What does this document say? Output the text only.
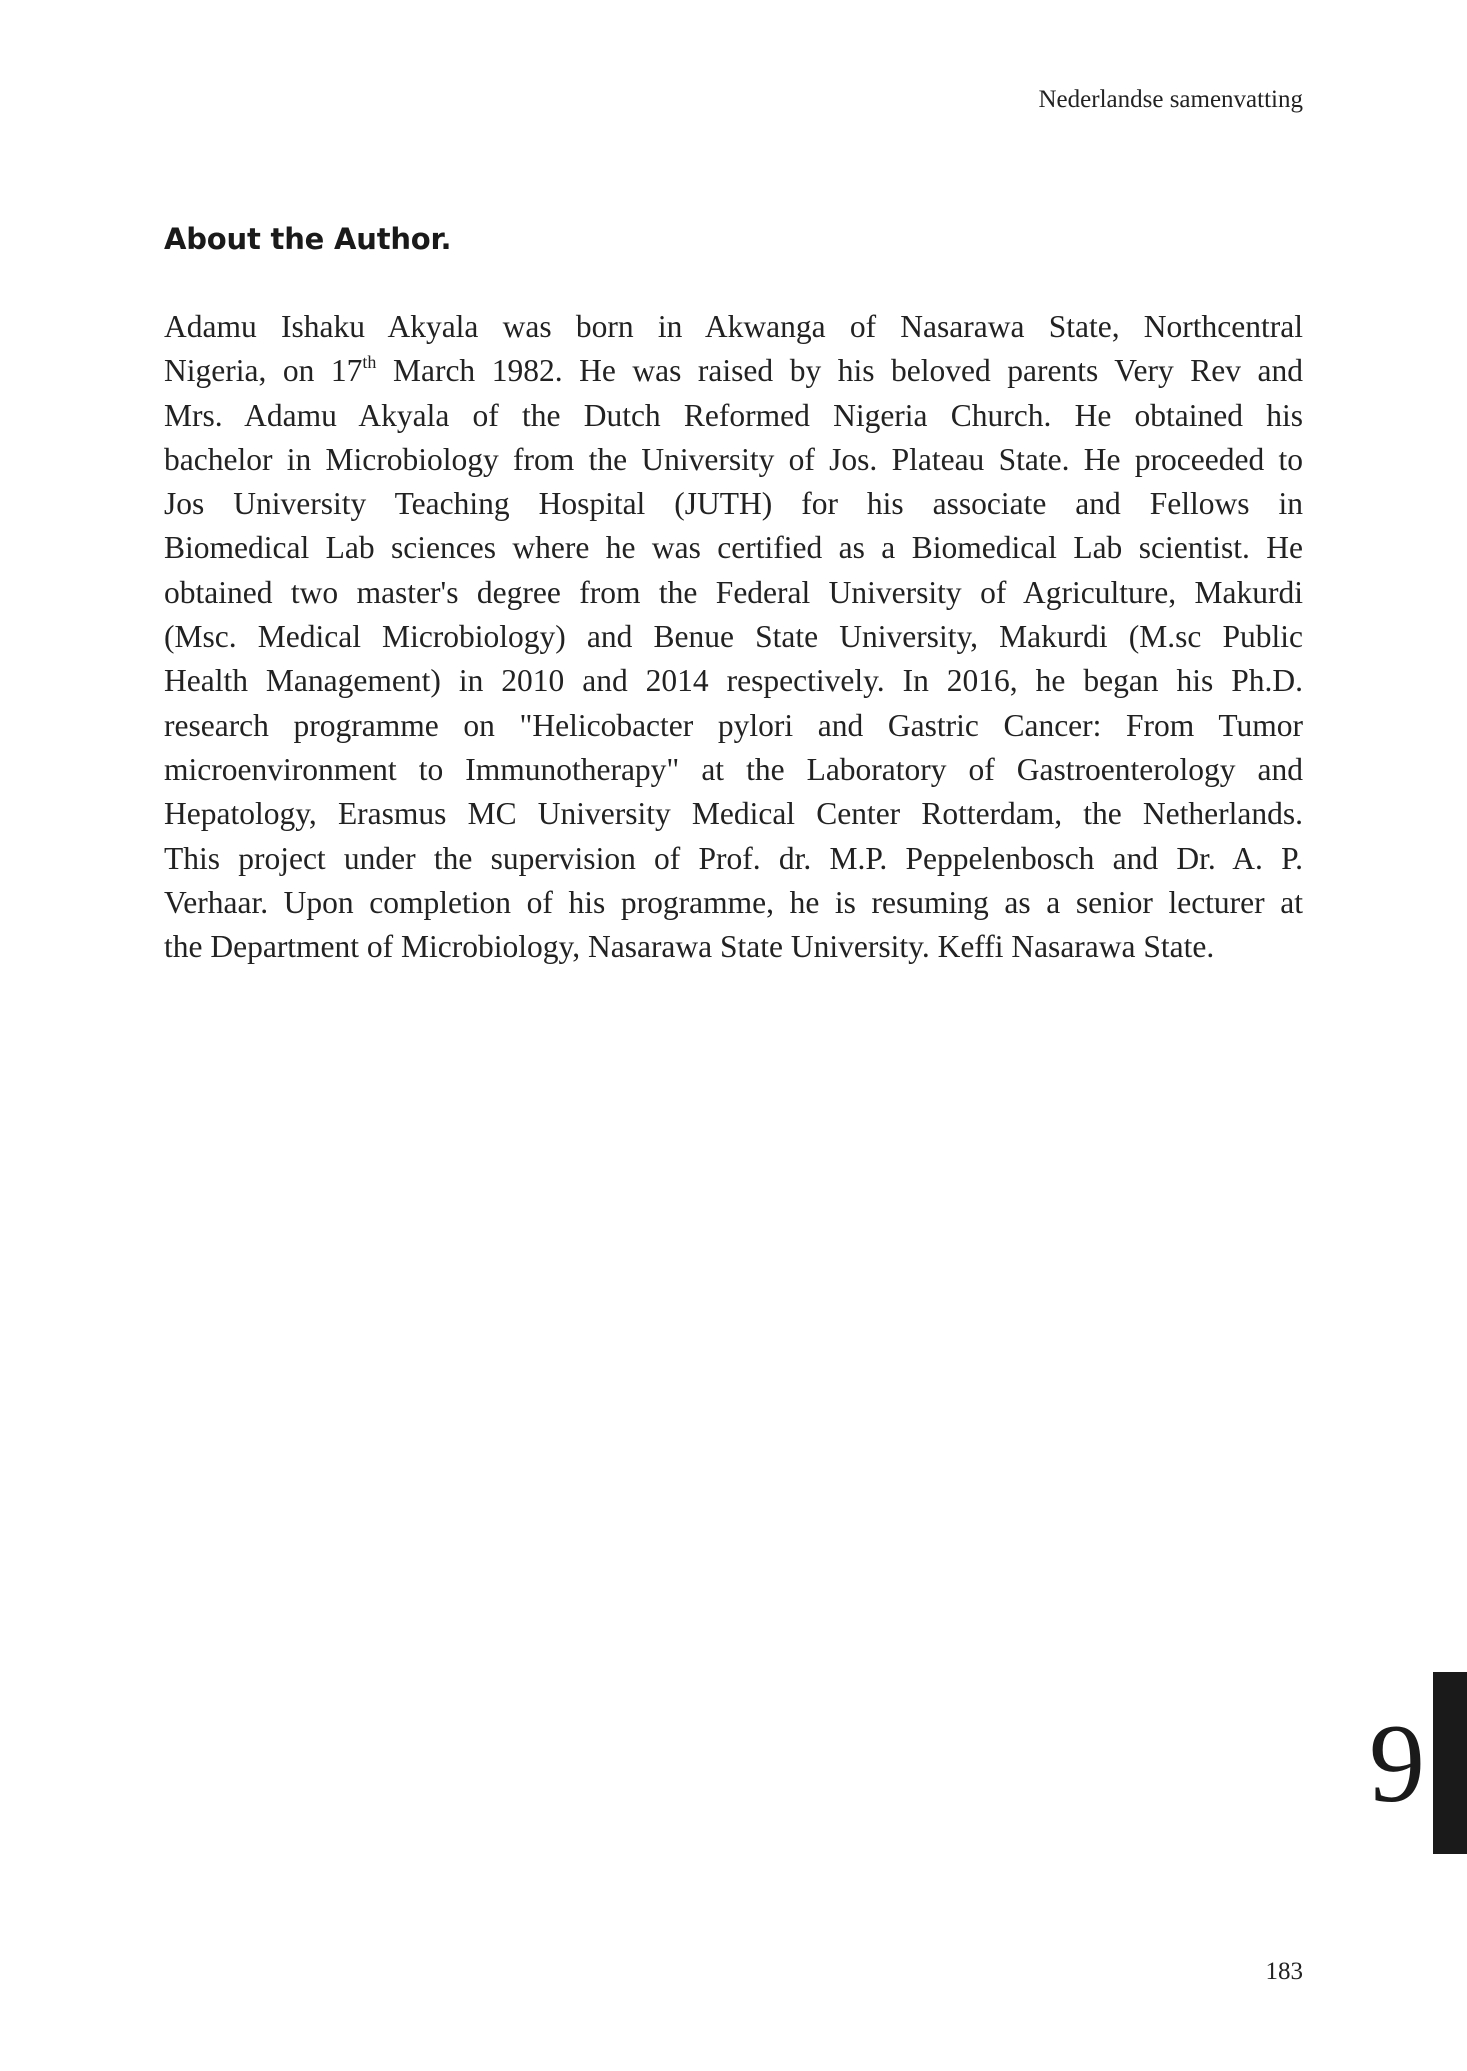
Nederlandse samenvatting
About the Author.
Adamu Ishaku Akyala was born in Akwanga of Nasarawa State, Northcentral
Nigeria, on 17th March 1982. He was raised by his beloved parents Very Rev and
Mrs. Adamu Akyala of the Dutch Reformed Nigeria Church. He obtained his
bachelor in Microbiology from the University of Jos. Plateau State. He proceeded to
Jos University Teaching Hospital (JUTH) for his associate and Fellows in
Biomedical Lab sciences where he was certified as a Biomedical Lab scientist. He
obtained two master's degree from the Federal University of Agriculture, Makurdi
(Msc. Medical Microbiology) and Benue State University, Makurdi (M.sc Public
Health Management) in 2010 and 2014 respectively. In 2016, he began his Ph.D.
research programme on "Helicobacter pylori and Gastric Cancer: From Tumor
microenvironment to Immunotherapy" at the Laboratory of Gastroenterology and
Hepatology, Erasmus MC University Medical Center Rotterdam, the Netherlands.
This project under the supervision of Prof. dr. M.P. Peppelenbosch and Dr. A. P.
Verhaar. Upon completion of his programme, he is resuming as a senior lecturer at
the Department of Microbiology, Nasarawa State University. Keffi Nasarawa State.
9
183
